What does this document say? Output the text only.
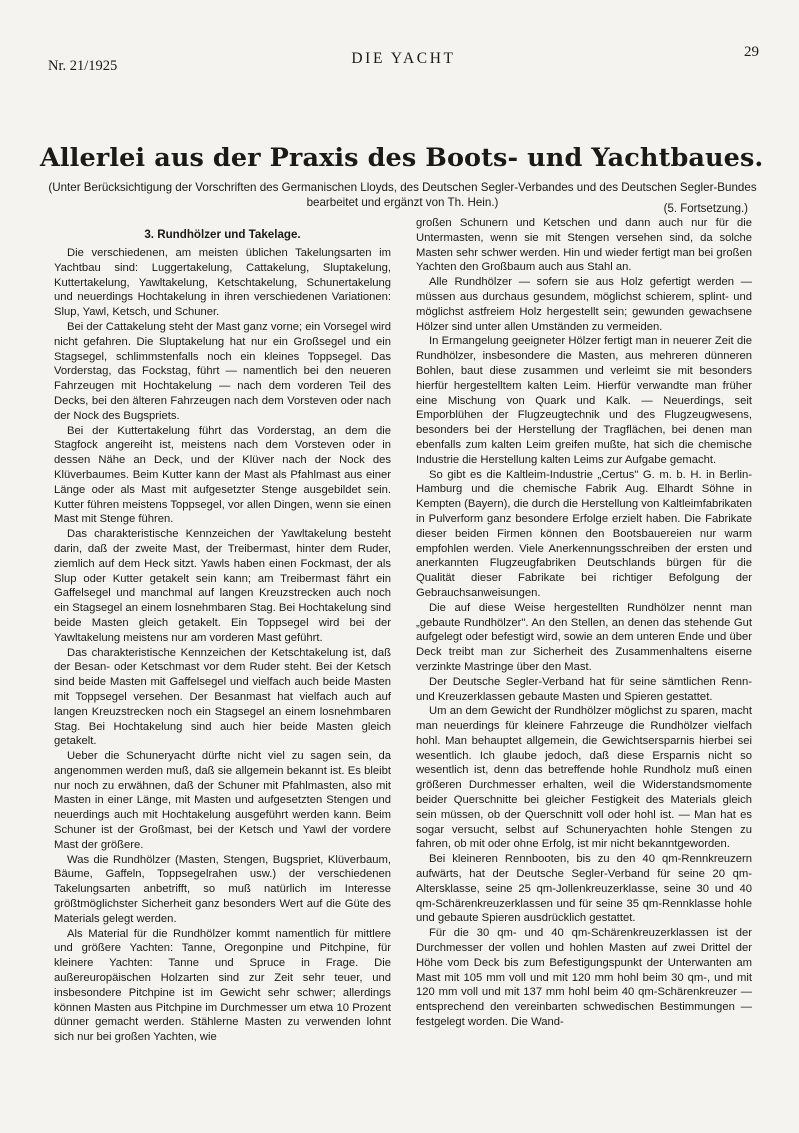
Nr. 21/1925	DIE YACHT	29
Allerlei aus der Praxis des Boots- und Yachtbaues.
(Unter Berücksichtigung der Vorschriften des Germanischen Lloyds, des Deutschen Segler-Verbandes und des Deutschen Segler-Bundes
bearbeitet und ergänzt von Th. Hein.)	(5. Fortsetzung.)
3. Rundhölzer und Takelage.

Die verschiedenen, am meisten üblichen Takelungsarten im Yachtbau sind: Luggertakelung, Cattakelung, Sluptakelung, Kuttertakelung, Yawltakelung, Ketschtakelung, Schunertakelung und neuerdings Hochtakelung in ihren verschiedenen Variationen: Slup, Yawl, Ketsch, und Schuner.

Bei der Cattakelung steht der Mast ganz vorne; ein Vorsegel wird nicht gefahren. Die Sluptakelung hat nur ein Großsegel und ein Stagsegel, schlimmstenfalls noch ein kleines Toppsegel. Das Vorderstag, das Fockstag, führt — namentlich bei den neueren Fahrzeugen mit Hochtakelung — nach dem vorderen Teil des Decks, bei den älteren Fahrzeugen nach dem Vorsteven oder nach der Nock des Bugspriets.

Bei der Kuttertakelung führt das Vorderstag, an dem die Stagfock angereiht ist, meistens nach dem Vorsteven oder in dessen Nähe an Deck, und der Klüver nach der Nock des Klüverbaumes. Beim Kutter kann der Mast als Pfahlmast aus einer Länge oder als Mast mit aufgesetzter Stenge ausgebildet sein. Kutter führen meistens Toppsegel, vor allen Dingen, wenn sie einen Mast mit Stenge führen.

Das charakteristische Kennzeichen der Yawltakelung besteht darin, daß der zweite Mast, der Treibermast, hinter dem Ruder, ziemlich auf dem Heck sitzt. Yawls haben einen Fockmast, der als Slup oder Kutter getakelt sein kann; am Treibermast fährt ein Gaffelsegel und manchmal auf langen Kreuzstrecken auch noch ein Stagsegel an einem losnehmbaren Stag. Bei Hochtakelung sind beide Masten gleich getakelt. Ein Toppsegel wird bei der Yawltakelung meistens nur am vorderen Mast geführt.

Das charakteristische Kennzeichen der Ketschtakelung ist, daß der Besan- oder Ketschmast vor dem Ruder steht. Bei der Ketsch sind beide Masten mit Gaffelsegel und vielfach auch beide Masten mit Toppsegel versehen. Der Besanmast hat vielfach auch auf langen Kreuzstrecken noch ein Stagsegel an einem losnehmbaren Stag. Bei Hochtakelung sind auch hier beide Masten gleich getakelt.

Ueber die Schuneryacht dürfte nicht viel zu sagen sein, da angenommen werden muß, daß sie allgemein bekannt ist. Es bleibt nur noch zu erwähnen, daß der Schuner mit Pfahlmasten, also mit Masten in einer Länge, mit Masten und aufgesetzten Stengen und neuerdings auch mit Hochtakelung ausgeführt werden kann. Beim Schuner ist der Großmast, bei der Ketsch und Yawl der vordere Mast der größere.

Was die Rundhölzer (Masten, Stengen, Bugspriet, Klüverbaum, Bäume, Gaffeln, Toppsegelrahen usw.) der verschiedenen Takelungsarten anbetrifft, so muß natürlich im Interesse größtmöglichster Sicherheit ganz besonders Wert auf die Güte des Materials gelegt werden.

Als Material für die Rundhölzer kommt namentlich für mittlere und größere Yachten: Tanne, Oregonpine und Pitchpine, für kleinere Yachten: Tanne und Spruce in Frage. Die außereuropäischen Holzarten sind zur Zeit sehr teuer, und insbesondere Pitchpine ist im Gewicht sehr schwer; allerdings können Masten aus Pitchpine im Durchmesser um etwa 10 Prozent dünner gemacht werden. Stählerne Masten zu verwenden lohnt sich nur bei großen Yachten, wie

großen Schunern und Ketschen und dann auch nur für die Untermasten, wenn sie mit Stengen versehen sind, da solche Masten sehr schwer werden. Hin und wieder fertigt man bei großen Yachten den Großbaum auch aus Stahl an.

Alle Rundhölzer — sofern sie aus Holz gefertigt werden — müssen aus durchaus gesundem, möglichst schierem, splint- und möglichst astfreiem Holz hergestellt sein; gewunden gewachsene Hölzer sind unter allen Umständen zu vermeiden.

In Ermangelung geeigneter Hölzer fertigt man in neuerer Zeit die Rundhölzer, insbesondere die Masten, aus mehreren dünneren Bohlen, baut diese zusammen und verleimt sie mit besonders hierfür hergestelltem kalten Leim. Hierfür verwandte man früher eine Mischung von Quark und Kalk. — Neuerdings, seit Emporblühen der Flugzeugtechnik und des Flugzeugwesens, besonders bei der Herstellung der Tragflächen, bei denen man ebenfalls zum kalten Leim greifen mußte, hat sich die chemische Industrie die Herstellung kalten Leims zur Aufgabe gemacht.

So gibt es die Kaltleim-Industrie „Certus" G. m. b. H. in Berlin-Hamburg und die chemische Fabrik Aug. Elhardt Söhne in Kempten (Bayern), die durch die Herstellung von Kaltleimfabrikaten in Pulverform ganz besondere Erfolge erzielt haben. Die Fabrikate dieser beiden Firmen können den Bootsbauereien nur warm empfohlen werden. Viele Anerkennungsschreiben der ersten und anerkannten Flugzeugfabriken Deutschlands bürgen für die Qualität dieser Fabrikate bei richtiger Befolgung der Gebrauchsanweisungen.

Die auf diese Weise hergestellten Rundhölzer nennt man „gebaute Rundhölzer". An den Stellen, an denen das stehende Gut aufgelegt oder befestigt wird, sowie an dem unteren Ende und über Deck treibt man zur Sicherheit des Zusammenhaltens eiserne verzinkte Mastringe über den Mast.

Der Deutsche Segler-Verband hat für seine sämtlichen Renn- und Kreuzerklassen gebaute Masten und Spieren gestattet.

Um an dem Gewicht der Rundhölzer möglichst zu sparen, macht man neuerdings für kleinere Fahrzeuge die Rundhölzer vielfach hohl. Man behauptet allgemein, die Gewichtsersparnis hierbei sei wesentlich. Ich glaube jedoch, daß diese Ersparnis nicht so wesentlich ist, denn das betreffende hohle Rundholz muß einen größeren Durchmesser erhalten, weil die Widerstandsmomente beider Querschnitte bei gleicher Festigkeit des Materials gleich sein müssen, ob der Querschnitt voll oder hohl ist. — Man hat es sogar versucht, selbst auf Schuneryachten hohle Stengen zu fahren, ob mit oder ohne Erfolg, ist mir nicht bekanntgeworden.

Bei kleineren Rennbooten, bis zu den 40 qm-Rennkreuzern aufwärts, hat der Deutsche Segler-Verband für seine 20 qm-Altersklasse, seine 25 qm-Jollenkreuzerklasse, seine 30 und 40 qm-Schärenkreuzerklassen und für seine 35 qm-Rennklasse hohle und gebaute Spieren ausdrücklich gestattet.

Für die 30 qm- und 40 qm-Schärenkreuzerklassen ist der Durchmesser der vollen und hohlen Masten auf zwei Drittel der Höhe vom Deck bis zum Befestigungspunkt der Unterwanten am Mast mit 105 mm voll und mit 120 mm hohl beim 30 qm-, und mit 120 mm voll und mit 137 mm hohl beim 40 qm-Schärenkreuzer — entsprechend den vereinbarten schwedischen Bestimmungen — festgelegt worden. Die Wand-
